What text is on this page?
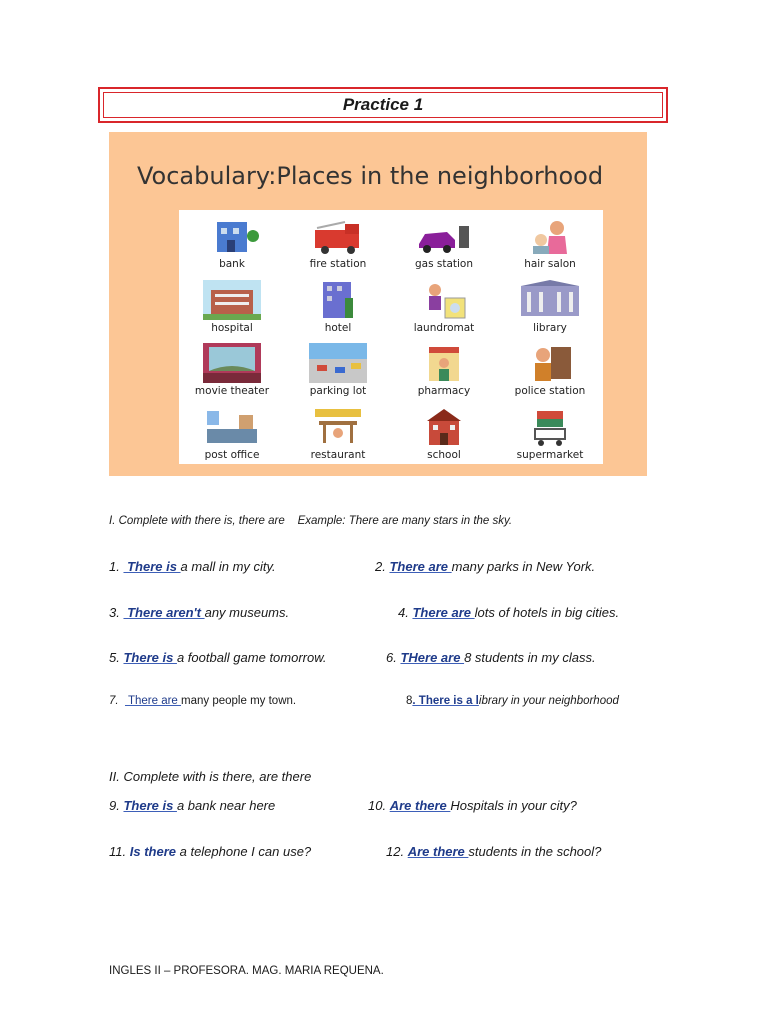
Practice 1
Vocabulary:Places in the neighborhood
bank	fire station	gas station	hair salon
hospital	hotel	laundromat	library
movie theater	parking lot	pharmacy	police station
post office	restaurant	school	supermarket
I. Complete with there is, there are Example: There are many stars in the sky.
1.  There is a mall in my city.	2. There are many parks in New York.
3.  There aren't any museums.	4. There are lots of hotels in big cities.
5. There is a football game tomorrow.	6. THere are 8 students in my class.
7.   There are many people my town.	8. There is a library in your neighborhood
II. Complete with is there, are there
9. There is a bank near here	10. Are there Hospitals in your city?
11. Is there a telephone I can use?	12. Are there students in the school?
INGLES II – PROFESORA. MAG. MARIA REQUENA.
